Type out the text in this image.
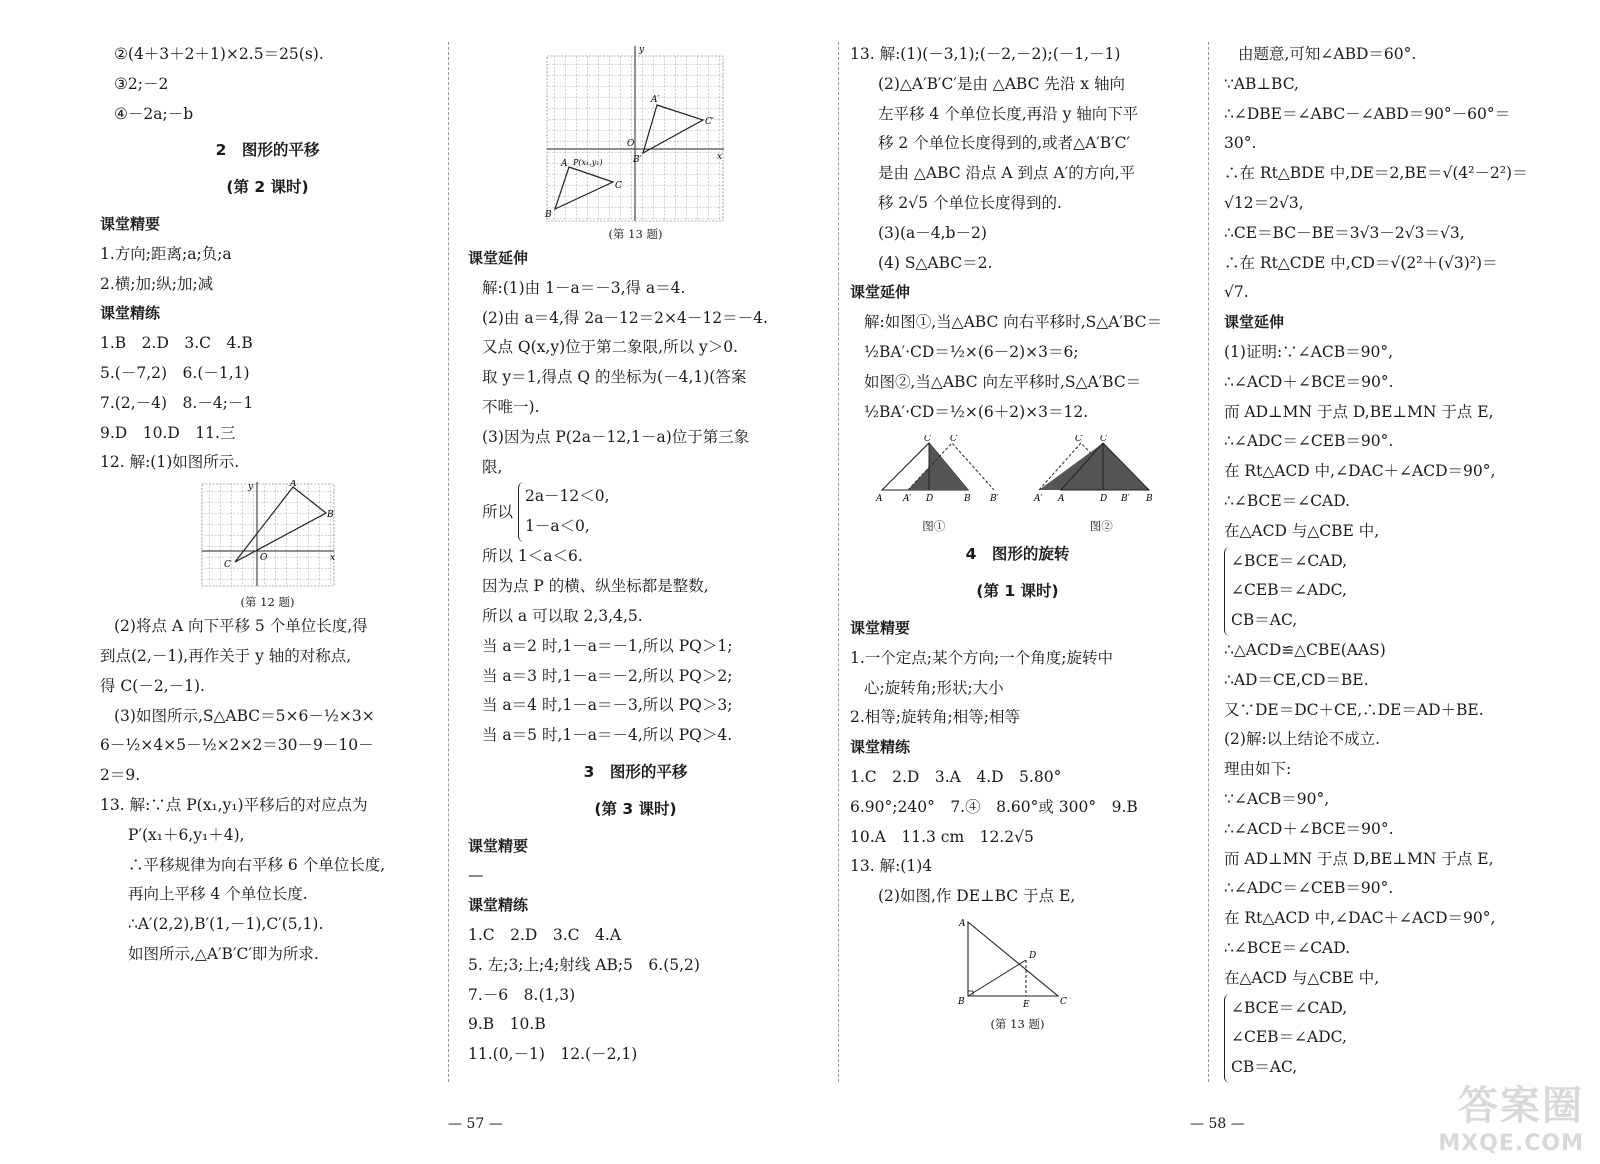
②(4＋3＋2＋1)×2.5＝25(s).
③2;－2
④－2a;－b
2　图形的平移
(第 2 课时)
课堂精要
1.方向;距离;a;负;a
2.横;加;纵;加;减
课堂精练
1.B　2.D　3.C　4.B
5.(－7,2)　6.(－1,1)
7.(2,－4)　8.－4;－1
9.D　10.D　11.三
12. 解:(1)如图所示.
A
B
C
O	x
y
(第 12 题)
(2)将点 A 向下平移 5 个单位长度,得
到点(2,－1),再作关于 y 轴的对称点,
得 C(－2,－1).
(3)如图所示,S△ABC＝5×6－½×3×
6－½×4×5－½×2×2＝30－9－10－
2＝9.
13. 解:∵点 P(x₁,y₁)平移后的对应点为
P′(x₁＋6,y₁＋4),
∴平移规律为向右平移 6 个单位长度,
再向上平移 4 个单位长度.
∴A′(2,2),B′(1,－1),C′(5,1).
如图所示,△A′B′C′即为所求.
A′
C′
B′
O
A P(x₁,y₁)
C
B
x
y
(第 13 题)
课堂延伸
解:(1)由 1－a＝－3,得 a＝4.
(2)由 a＝4,得 2a－12＝2×4－12＝－4.
又点 Q(x,y)位于第二象限,所以 y＞0.
取 y＝1,得点 Q 的坐标为(－4,1)(答案
不唯一).
(3)因为点 P(2a－12,1－a)位于第三象
限,
所以
2a－12＜0,
1－a＜0,
所以 1＜a＜6.
因为点 P 的横、纵坐标都是整数,
所以 a 可以取 2,3,4,5.
当 a＝2 时,1－a＝－1,所以 PQ＞1;
当 a＝3 时,1－a＝－2,所以 PQ＞2;
当 a＝4 时,1－a＝－3,所以 PQ＞3;
当 a＝5 时,1－a＝－4,所以 PQ＞4.
3　图形的平移
(第 3 课时)
课堂精要
—
课堂精练
1.C　2.D　3.C　4.A
5. 左;3;上;4;射线 AB;5　6.(5,2)
7.－6　8.(1,3)
9.B　10.B
11.(0,－1)　12.(－2,1)
— 57 —
13. 解:(1)(－3,1);(－2,－2);(－1,－1)
(2)△A′B′C′是由 △ABC 先沿 x 轴向
左平移 4 个单位长度,再沿 y 轴向下平
移 2 个单位长度得到的,或者△A′B′C′
是由 △ABC 沿点 A 到点 A′的方向,平
移 2√5 个单位长度得到的.
(3)(a－4,b－2)
(4) S△ABC＝2.
课堂延伸
解:如图①,当△ABC 向右平移时,S△A′BC＝
½BA′·CD＝½×(6－2)×3＝6;
如图②,当△ABC 向左平移时,S△A′BC＝
½BA′·CD＝½×(6＋2)×3＝12.
A A′ D	B B′
C C′
图①
A′ A	D B′ B
C′ C
图②
4　图形的旋转
(第 1 课时)
课堂精要
1.一个定点;某个方向;一个角度;旋转中
心;旋转角;形状;大小
2.相等;旋转角;相等;相等
课堂精练
1.C　2.D　3.A　4.D　5.80°
6.90°;240°　7.④　8.60°或 300°　9.B
10.A　11.3 cm　12.2√5
13. 解:(1)4
(2)如图,作 DE⊥BC 于点 E,
A
B	C
D
E
(第 13 题)
由题意,可知∠ABD＝60°.
∵AB⊥BC,
∴∠DBE＝∠ABC－∠ABD＝90°－60°＝
30°.
∴在 Rt△BDE 中,DE＝2,BE＝√(4²－2²)＝
√12＝2√3,
∴CE＝BC－BE＝3√3－2√3＝√3,
∴在 Rt△CDE 中,CD＝√(2²＋(√3)²)＝
√7.
课堂延伸
(1)证明:∵∠ACB＝90°,
∴∠ACD＋∠BCE＝90°.
而 AD⊥MN 于点 D,BE⊥MN 于点 E,
∴∠ADC＝∠CEB＝90°.
在 Rt△ACD 中,∠DAC＋∠ACD＝90°,
∴∠BCE＝∠CAD.
在△ACD 与△CBE 中,
∠BCE＝∠CAD,
∠CEB＝∠ADC,
CB＝AC,
∴△ACD≌△CBE(AAS)
∴AD＝CE,CD＝BE.
又∵DE＝DC＋CE,∴DE＝AD＋BE.
(2)解:以上结论不成立.
理由如下:
∵∠ACB＝90°,
∴∠ACD＋∠BCE＝90°.
而 AD⊥MN 于点 D,BE⊥MN 于点 E,
∴∠ADC＝∠CEB＝90°.
在 Rt△ACD 中,∠DAC＋∠ACD＝90°,
∴∠BCE＝∠CAD.
在△ACD 与△CBE 中,
∠BCE＝∠CAD,
∠CEB＝∠ADC,
CB＝AC,
— 58 —	答案圈
MXQE.COM
